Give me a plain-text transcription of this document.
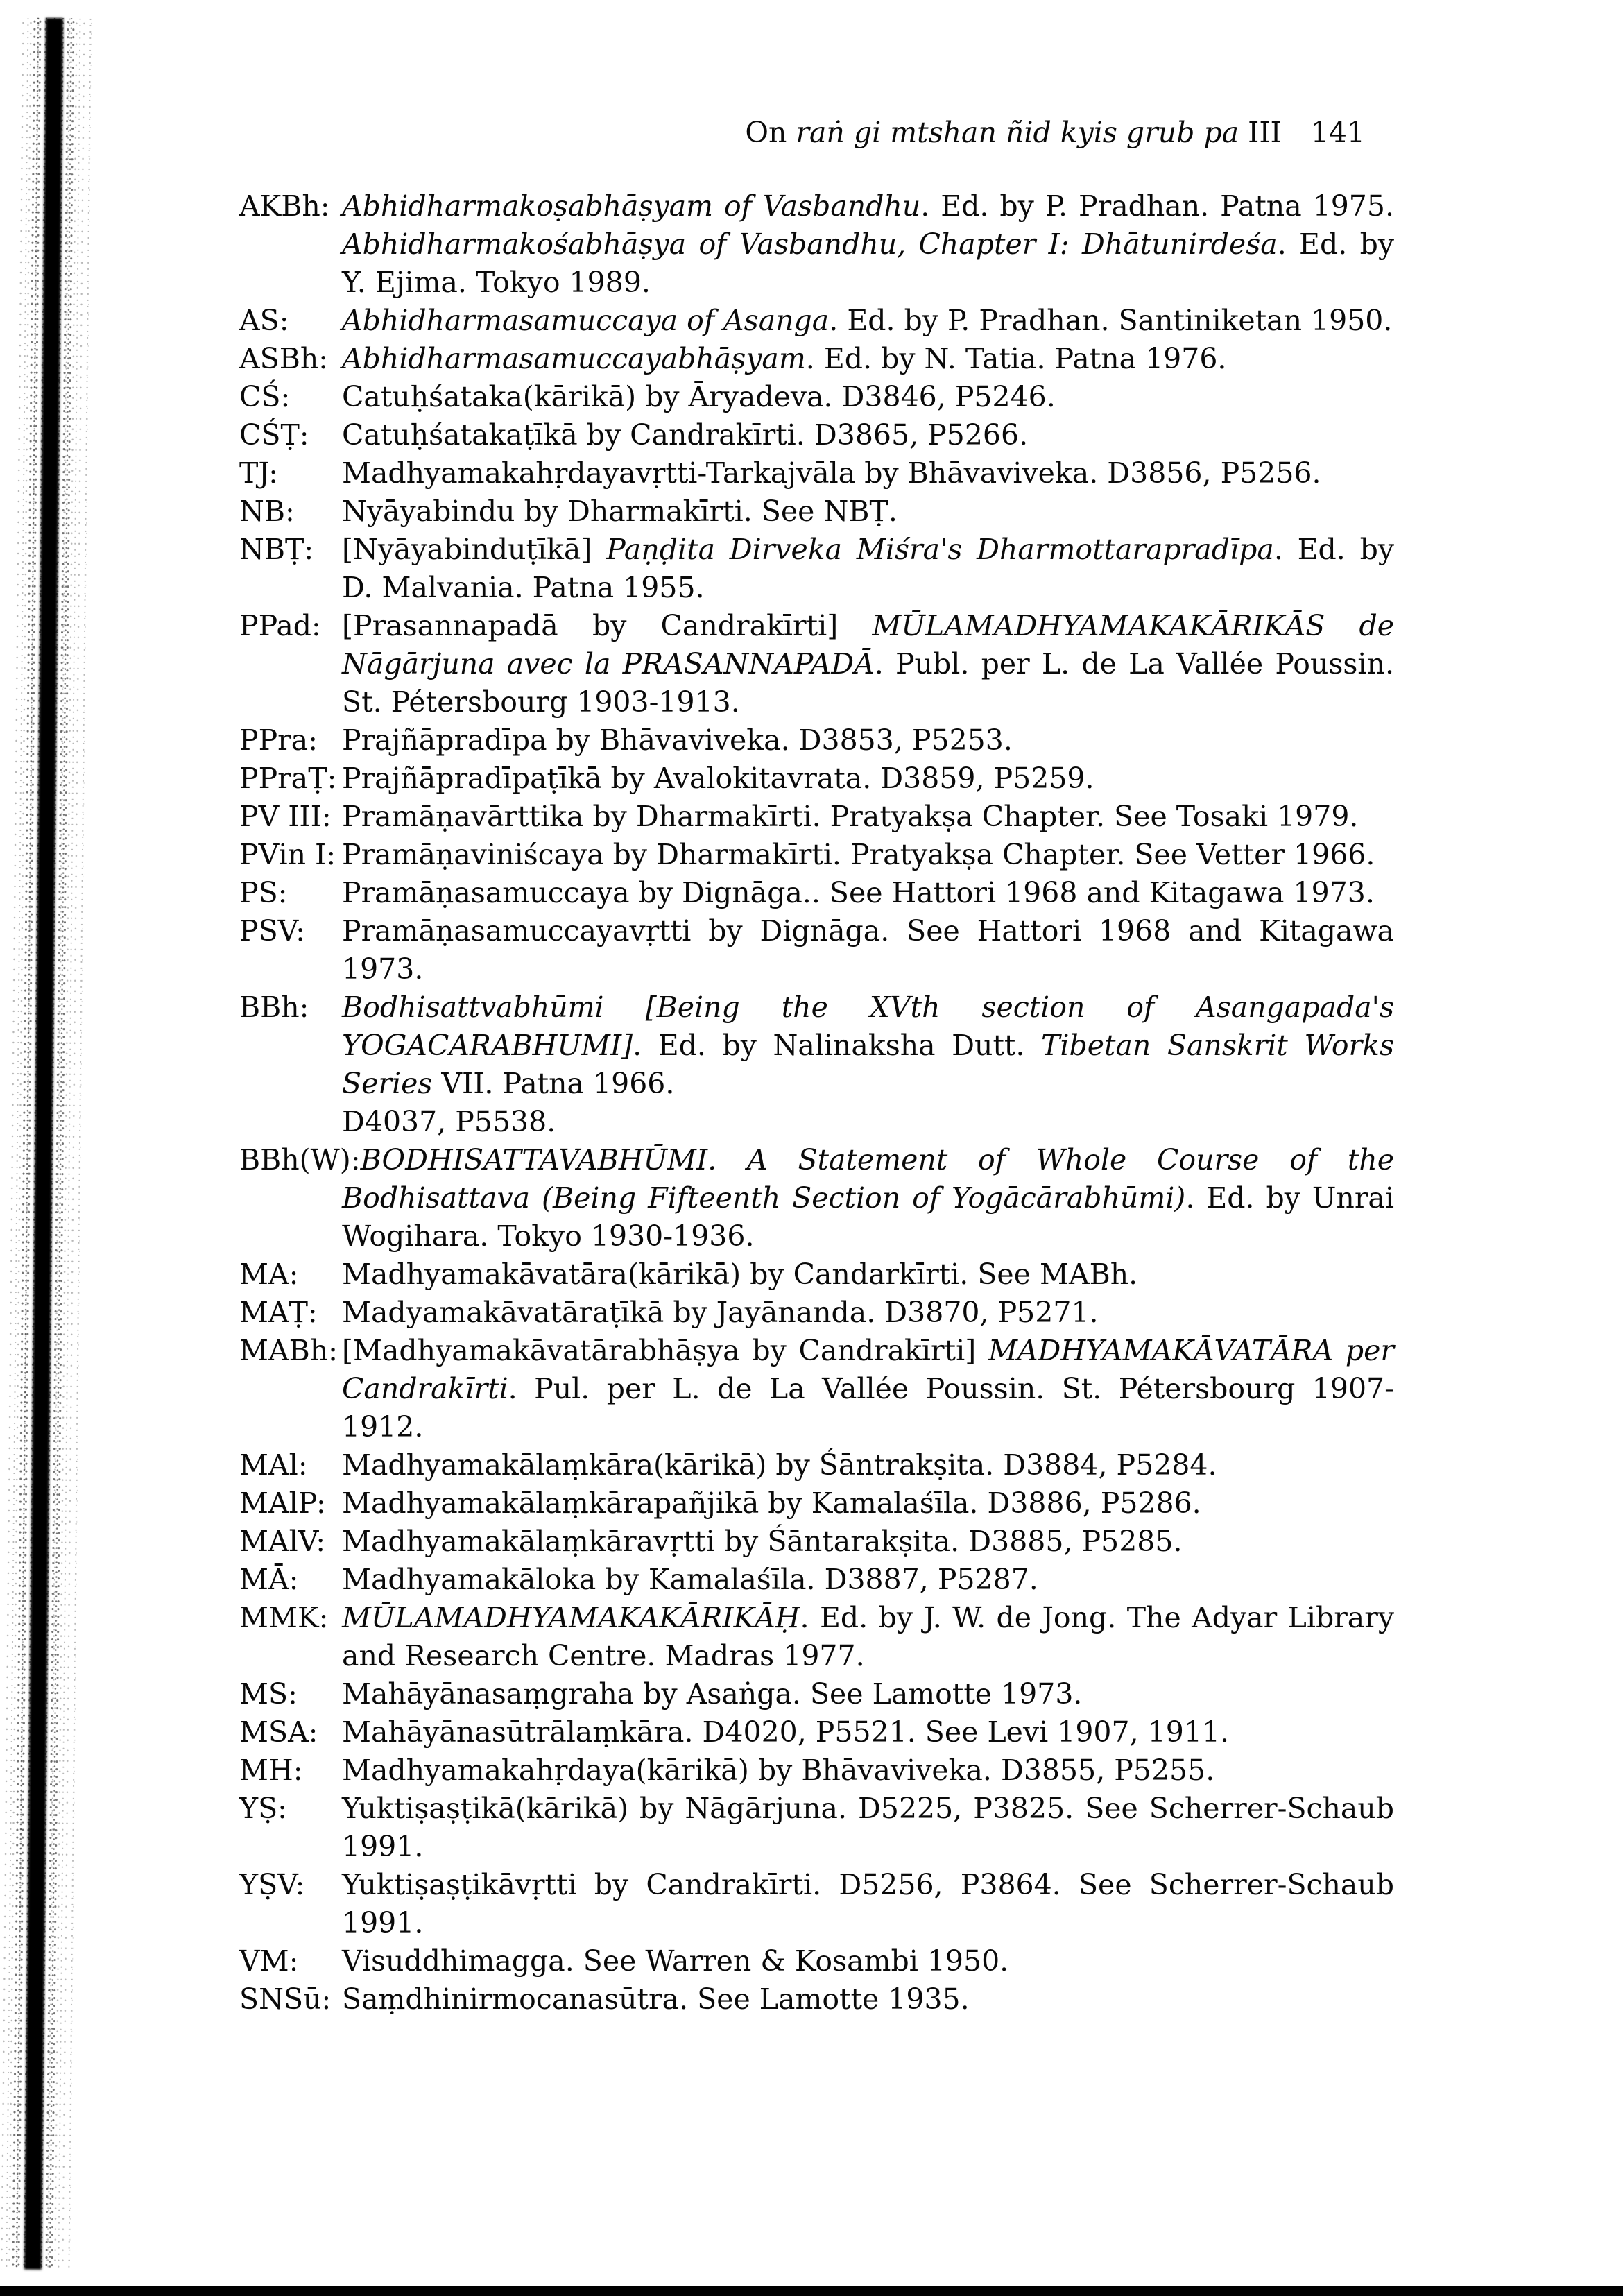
On raṅ gi mtshan ñid kyis grub pa III 141
AKBh: Abhidharmakoṣabhāṣyam of Vasbandhu. Ed. by P. Pradhan. Patna 1975. Abhidharmakośabhāṣya of Vasbandhu, Chapter I: Dhātunirdeśa. Ed. by Y. Ejima. Tokyo 1989.
AS: Abhidharmasamuccaya of Asanga. Ed. by P. Pradhan. Santiniketan 1950.
ASBh: Abhidharmasamuccayabhāṣyam. Ed. by N. Tatia. Patna 1976.
CŚ: Catuḥśataka(kārikā) by Āryadeva. D3846, P5246.
CŚṬ: Catuḥśatakaṭīkā by Candrakīrti. D3865, P5266.
TJ: Madhyamakahṛdayavṛtti-Tarkajvāla by Bhāvaviveka. D3856, P5256.
NB: Nyāyabindu by Dharmakīrti. See NBṬ.
NBṬ: [Nyāyabinduṭīkā] Paṇḍita Dirveka Miśra's Dharmottarapradīpa. Ed. by D. Malvania. Patna 1955.
PPad: [Prasannapadā by Candrakīrti] MŪLAMADHYAMAKAKĀRIKĀS de Nāgārjuna avec la PRASANNAPADĀ. Publ. per L. de La Vallée Poussin. St. Pétersbourg 1903-1913.
PPra: Prajñāpradīpa by Bhāvaviveka. D3853, P5253.
PPraṬ: Prajñāpradīpaṭīkā by Avalokitavrata. D3859, P5259.
PV III: Pramāṇavārttika by Dharmakīrti. Pratyakṣa Chapter. See Tosaki 1979.
PVin I: Pramāṇaviniścaya by Dharmakīrti. Pratyakṣa Chapter. See Vetter 1966.
PS: Pramāṇasamuccaya by Dignāga.. See Hattori 1968 and Kitagawa 1973.
PSV: Pramāṇasamuccayavṛtti by Dignāga. See Hattori 1968 and Kitagawa 1973.
BBh: Bodhisattvabhūmi [Being the XVth section of Asangapada's YOGACARABHUMI]. Ed. by Nalinaksha Dutt. Tibetan Sanskrit Works Series VII. Patna 1966.
D4037, P5538.
BBh(W):BODHISATTAVABHŪMI. A Statement of Whole Course of the Bodhisattava (Being Fifteenth Section of Yogācārabhūmi). Ed. by Unrai Wogihara. Tokyo 1930-1936.
MA: Madhyamakāvatāra(kārikā) by Candarkīrti. See MABh.
MAṬ: Madyamakāvatāraṭīkā by Jayānanda. D3870, P5271.
MABh: [Madhyamakāvatārabhāṣya by Candrakīrti] MADHYAMAKĀVATĀRA per Candrakīrti. Pul. per L. de La Vallée Poussin. St. Pétersbourg 1907-1912.
MAl: Madhyamakālaṃkāra(kārikā) by Śāntrakṣita. D3884, P5284.
MAlP: Madhyamakālaṃkārapañjikā by Kamalaśīla. D3886, P5286.
MAlV: Madhyamakālaṃkāravṛtti by Śāntarakṣita. D3885, P5285.
MĀ: Madhyamakāloka by Kamalaśīla. D3887, P5287.
MMK: MŪLAMADHYAMAKAKĀRIKĀḤ. Ed. by J. W. de Jong. The Adyar Library and Research Centre. Madras 1977.
MS: Mahāyānasaṃgraha by Asaṅga. See Lamotte 1973.
MSA: Mahāyānasūtrālaṃkāra. D4020, P5521. See Levi 1907, 1911.
MH: Madhyamakahṛdaya(kārikā) by Bhāvaviveka. D3855, P5255.
YṢ: Yuktiṣaṣṭikā(kārikā) by Nāgārjuna. D5225, P3825. See Scherrer-Schaub 1991.
YṢV: Yuktiṣaṣṭikāvṛtti by Candrakīrti. D5256, P3864. See Scherrer-Schaub 1991.
VM: Visuddhimagga. See Warren & Kosambi 1950.
SNSū: Saṃdhinirmocanasūtra. See Lamotte 1935.
